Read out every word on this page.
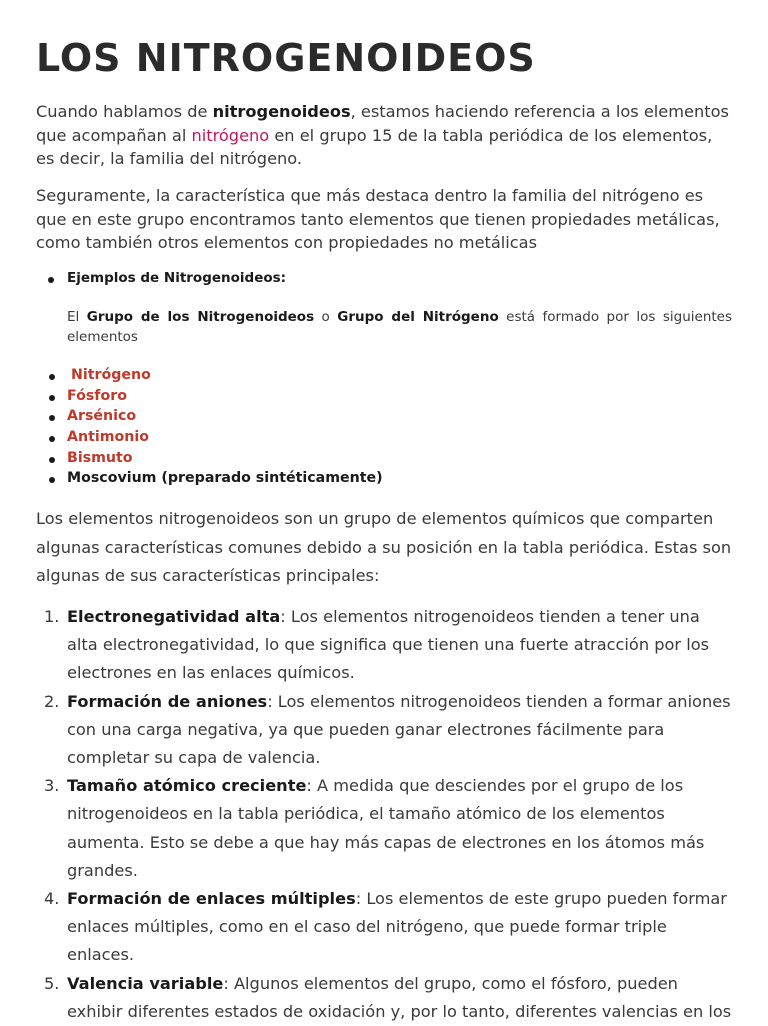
LOS NITROGENOIDEOS

Cuando hablamos de nitrogenoideos, estamos haciendo referencia a los elementos que acompañan al nitrógeno en el grupo 15 de la tabla periódica de los elementos, es decir, la familia del nitrógeno.

Seguramente, la característica que más destaca dentro la familia del nitrógeno es que en este grupo encontramos tanto elementos que tienen propiedades metálicas, como también otros elementos con propiedades no metálicas

Ejemplos de Nitrogenoideos:

El Grupo de los Nitrogenoideos o Grupo del Nitrógeno está formado por los siguientes elementos

Nitrógeno
Fósforo
Arsénico
Antimonio
Bismuto
Moscovium (preparado sintéticamente)

Los elementos nitrogenoideos son un grupo de elementos químicos que comparten algunas características comunes debido a su posición en la tabla periódica. Estas son algunas de sus características principales:

1. Electronegatividad alta: Los elementos nitrogenoideos tienden a tener una alta electronegatividad, lo que significa que tienen una fuerte atracción por los electrones en las enlaces químicos.
2. Formación de aniones: Los elementos nitrogenoideos tienden a formar aniones con una carga negativa, ya que pueden ganar electrones fácilmente para completar su capa de valencia.
3. Tamaño atómico creciente: A medida que desciendes por el grupo de los nitrogenoideos en la tabla periódica, el tamaño atómico de los elementos aumenta. Esto se debe a que hay más capas de electrones en los átomos más grandes.
4. Formación de enlaces múltiples: Los elementos de este grupo pueden formar enlaces múltiples, como en el caso del nitrógeno, que puede formar triple enlaces.
5. Valencia variable: Algunos elementos del grupo, como el fósforo, pueden exhibir diferentes estados de oxidación y, por lo tanto, diferentes valencias en los
